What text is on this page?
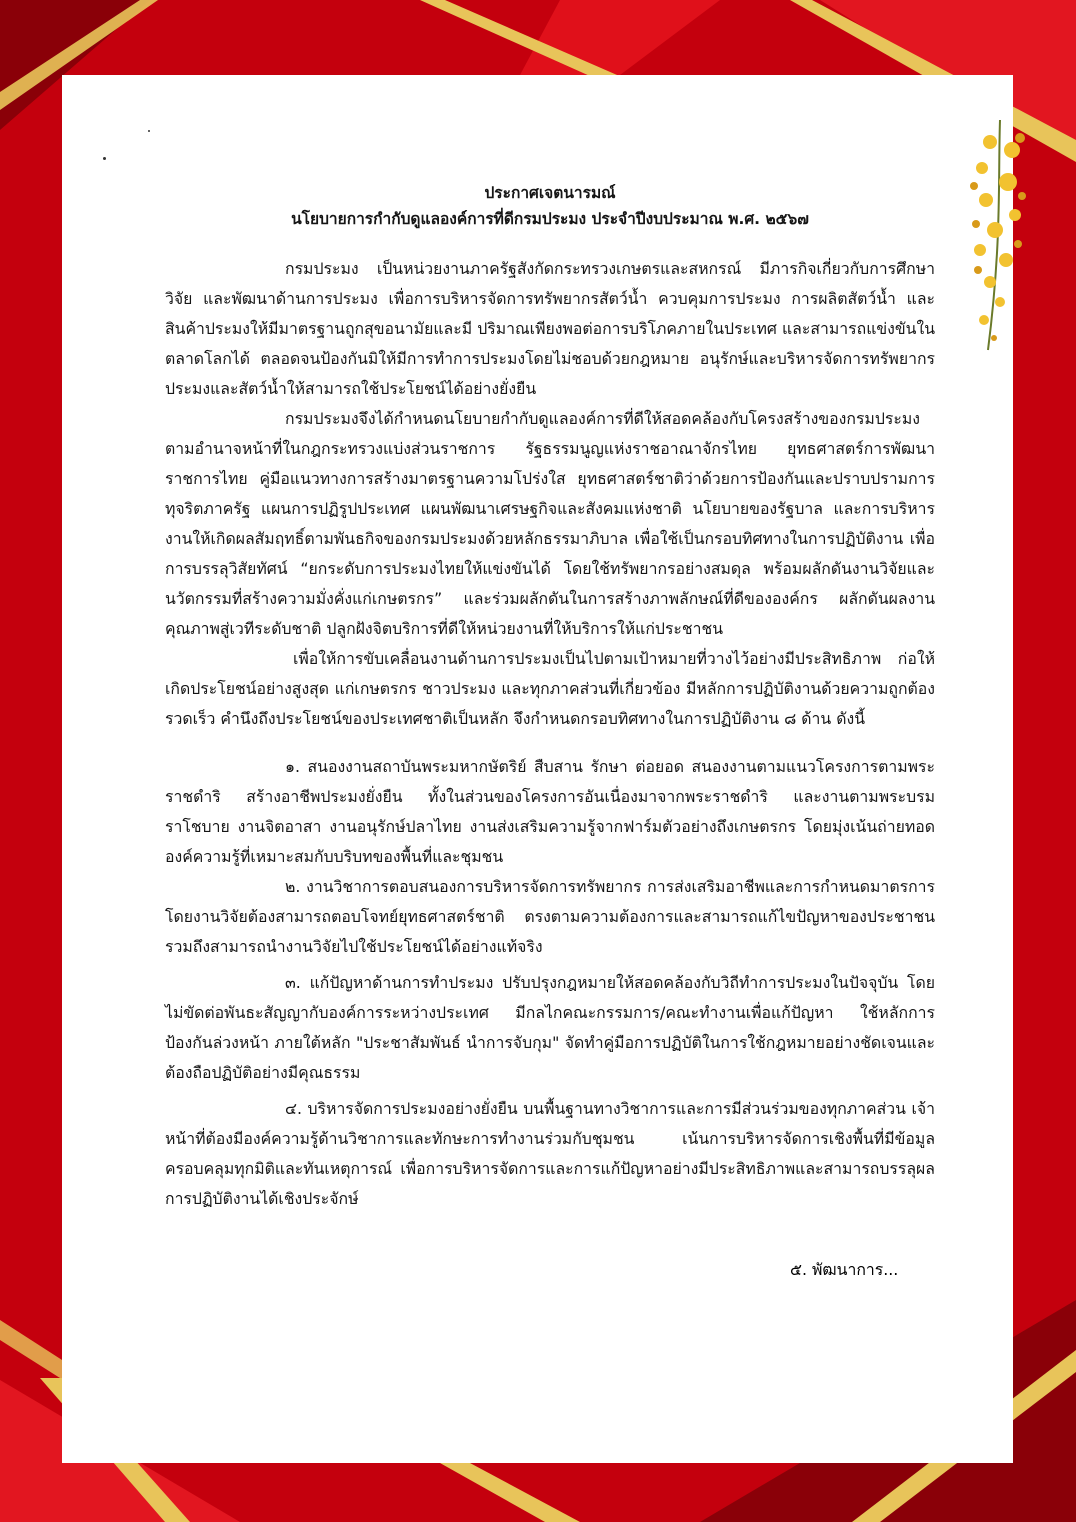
ประกาศเจตนารมณ์

นโยบายการกำกับดูแลองค์การที่ดีกรมประมง ประจำปีงบประมาณ พ.ศ. ๒๕๖๗

กรมประมง เป็นหน่วยงานภาครัฐสังกัดกระทรวงเกษตรและสหกรณ์ มีภารกิจเกี่ยวกับการศึกษา วิจัย และพัฒนาด้านการประมง เพื่อการบริหารจัดการทรัพยากรสัตว์น้ำ ควบคุมการประมง การผลิตสัตว์น้ำ และสินค้าประมงให้มีมาตรฐานถูกสุขอนามัยและมี ปริมาณเพียงพอต่อการบริโภคภายในประเทศ และสามารถแข่งขันในตลาดโลกได้ ตลอดจนป้องกันมิให้มีการทำการประมงโดยไม่ชอบด้วยกฎหมาย อนุรักษ์และบริหารจัดการทรัพยากรประมงและสัตว์น้ำให้สามารถใช้ประโยชน์ได้อย่างยั่งยืน

กรมประมงจึงได้กำหนดนโยบายกำกับดูแลองค์การที่ดีให้สอดคล้องกับโครงสร้างของกรมประมงตามอำนาจหน้าที่ในกฎกระทรวงแบ่งส่วนราชการ รัฐธรรมนูญแห่งราชอาณาจักรไทย ยุทธศาสตร์การพัฒนาราชการไทย คู่มือแนวทางการสร้างมาตรฐานความโปร่งใส ยุทธศาสตร์ชาติว่าด้วยการป้องกันและปราบปรามการทุจริตภาครัฐ แผนการปฏิรูปประเทศ แผนพัฒนาเศรษฐกิจและสังคมแห่งชาติ นโยบายของรัฐบาล และการบริหารงานให้เกิดผลสัมฤทธิ์ตามพันธกิจของกรมประมงด้วยหลักธรรมาภิบาล เพื่อใช้เป็นกรอบทิศทางในการปฏิบัติงาน เพื่อการบรรลุวิสัยทัศน์ “ยกระดับการประมงไทยให้แข่งขันได้ โดยใช้ทรัพยากรอย่างสมดุล พร้อมผลักดันงานวิจัยและนวัตกรรมที่สร้างความมั่งคั่งแก่เกษตรกร” และร่วมผลักดันในการสร้างภาพลักษณ์ที่ดีขององค์กร ผลักดันผลงานคุณภาพสู่เวทีระดับชาติ ปลูกฝังจิตบริการที่ดีให้หน่วยงานที่ให้บริการให้แก่ประชาชน

เพื่อให้การขับเคลื่อนงานด้านการประมงเป็นไปตามเป้าหมายที่วางไว้อย่างมีประสิทธิภาพ ก่อให้เกิดประโยชน์อย่างสูงสุด แก่เกษตรกร ชาวประมง และทุกภาคส่วนที่เกี่ยวข้อง มีหลักการปฏิบัติงานด้วยความถูกต้อง รวดเร็ว คำนึงถึงประโยชน์ของประเทศชาติเป็นหลัก จึงกำหนดกรอบทิศทางในการปฏิบัติงาน ๘ ด้าน ดังนี้

๑. สนองงานสถาบันพระมหากษัตริย์ สืบสาน รักษา ต่อยอด สนองงานตามแนวโครงการตามพระราชดำริ สร้างอาชีพประมงยั่งยืน ทั้งในส่วนของโครงการอันเนื่องมาจากพระราชดำริ และงานตามพระบรมราโชบาย งานจิตอาสา งานอนุรักษ์ปลาไทย งานส่งเสริมความรู้จากฟาร์มตัวอย่างถึงเกษตรกร โดยมุ่งเน้นถ่ายทอดองค์ความรู้ที่เหมาะสมกับบริบทของพื้นที่และชุมชน

๒. งานวิชาการตอบสนองการบริหารจัดการทรัพยากร การส่งเสริมอาชีพและการกำหนดมาตรการ โดยงานวิจัยต้องสามารถตอบโจทย์ยุทธศาสตร์ชาติ ตรงตามความต้องการและสามารถแก้ไขปัญหาของประชาชน รวมถึงสามารถนำงานวิจัยไปใช้ประโยชน์ได้อย่างแท้จริง

๓. แก้ปัญหาด้านการทำประมง ปรับปรุงกฎหมายให้สอดคล้องกับวิถีทำการประมงในปัจจุบัน โดยไม่ขัดต่อพันธะสัญญากับองค์การระหว่างประเทศ มีกลไกคณะกรรมการ/คณะทำงานเพื่อแก้ปัญหา ใช้หลักการป้องกันล่วงหน้า ภายใต้หลัก "ประชาสัมพันธ์ นำการจับกุม" จัดทำคู่มือการปฏิบัติในการใช้กฎหมายอย่างชัดเจนและต้องถือปฏิบัติอย่างมีคุณธรรม

๔. บริหารจัดการประมงอย่างยั่งยืน บนพื้นฐานทางวิชาการและการมีส่วนร่วมของทุกภาคส่วน เจ้าหน้าที่ต้องมีองค์ความรู้ด้านวิชาการและทักษะการทำงานร่วมกับชุมชน เน้นการบริหารจัดการเชิงพื้นที่มีข้อมูลครอบคลุมทุกมิติและทันเหตุการณ์ เพื่อการบริหารจัดการและการแก้ปัญหาอย่างมีประสิทธิภาพและสามารถบรรลุผลการปฏิบัติงานได้เชิงประจักษ์

๕. พัฒนาการ...
